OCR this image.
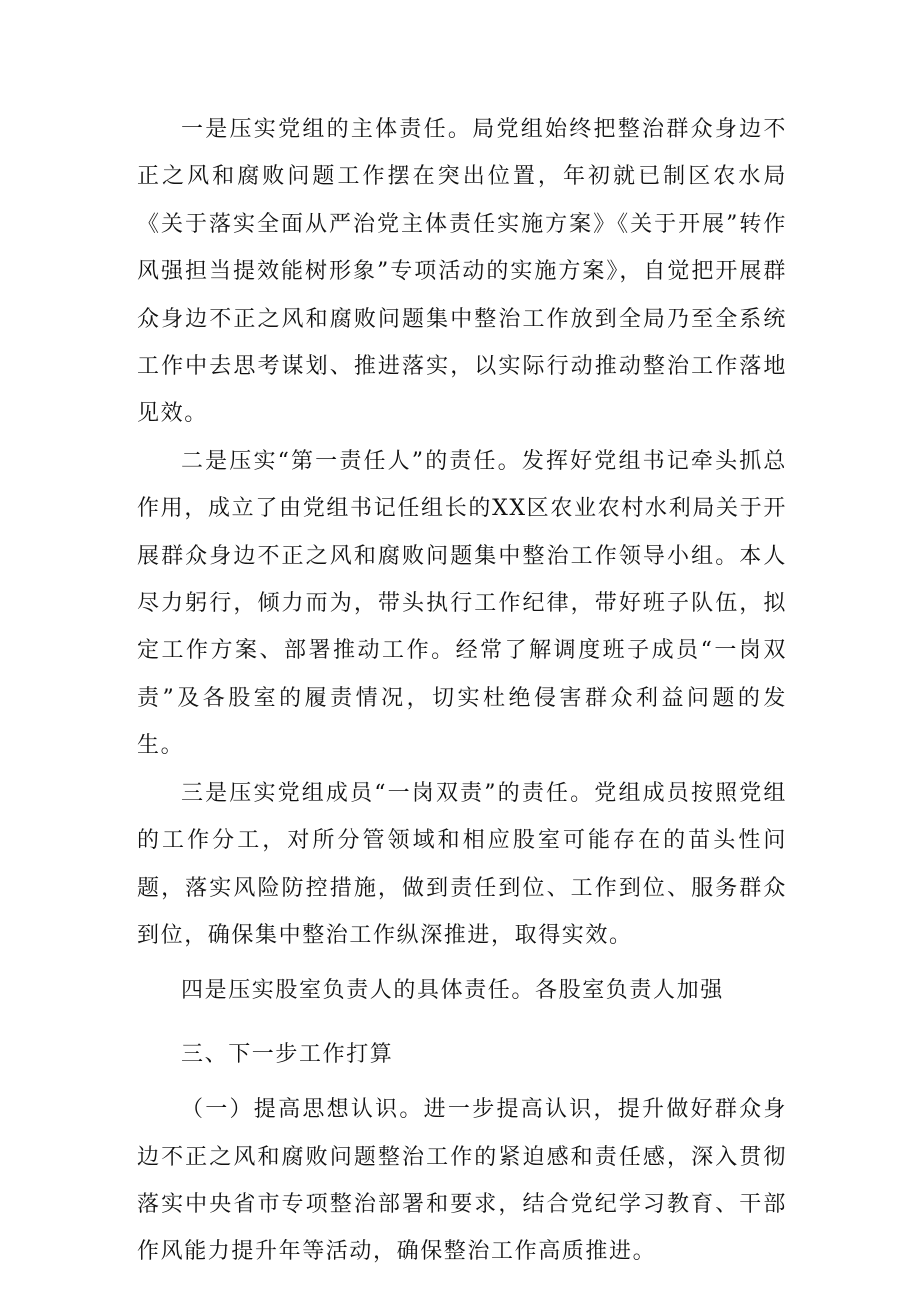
一是压实党组的主体责任。局党组始终把整治群众身边不正之风和腐败问题工作摆在突出位置，年初就已制区农水局《关于落实全面从严治党主体责任实施方案》《关于开展”转作风强担当提效能树形象”专项活动的实施方案》，自觉把开展群众身边不正之风和腐败问题集中整治工作放到全局乃至全系统工作中去思考谋划、推进落实，以实际行动推动整治工作落地见效。

二是压实“第一责任人”的责任。发挥好党组书记牵头抓总作用，成立了由党组书记任组长的XX区农业农村水利局关于开展群众身边不正之风和腐败问题集中整治工作领导小组。本人尽力躬行，倾力而为，带头执行工作纪律，带好班子队伍，拟定工作方案、部署推动工作。经常了解调度班子成员“一岗双责”及各股室的履责情况，切实杜绝侵害群众利益问题的发生。

三是压实党组成员“一岗双责”的责任。党组成员按照党组的工作分工，对所分管领域和相应股室可能存在的苗头性问题，落实风险防控措施，做到责任到位、工作到位、服务群众到位，确保集中整治工作纵深推进，取得实效。

四是压实股室负责人的具体责任。各股室负责人加强

三、下一步工作打算

（一）提高思想认识。进一步提高认识，提升做好群众身边不正之风和腐败问题整治工作的紧迫感和责任感，深入贯彻落实中央省市专项整治部署和要求，结合党纪学习教育、干部作风能力提升年等活动，确保整治工作高质推进。
